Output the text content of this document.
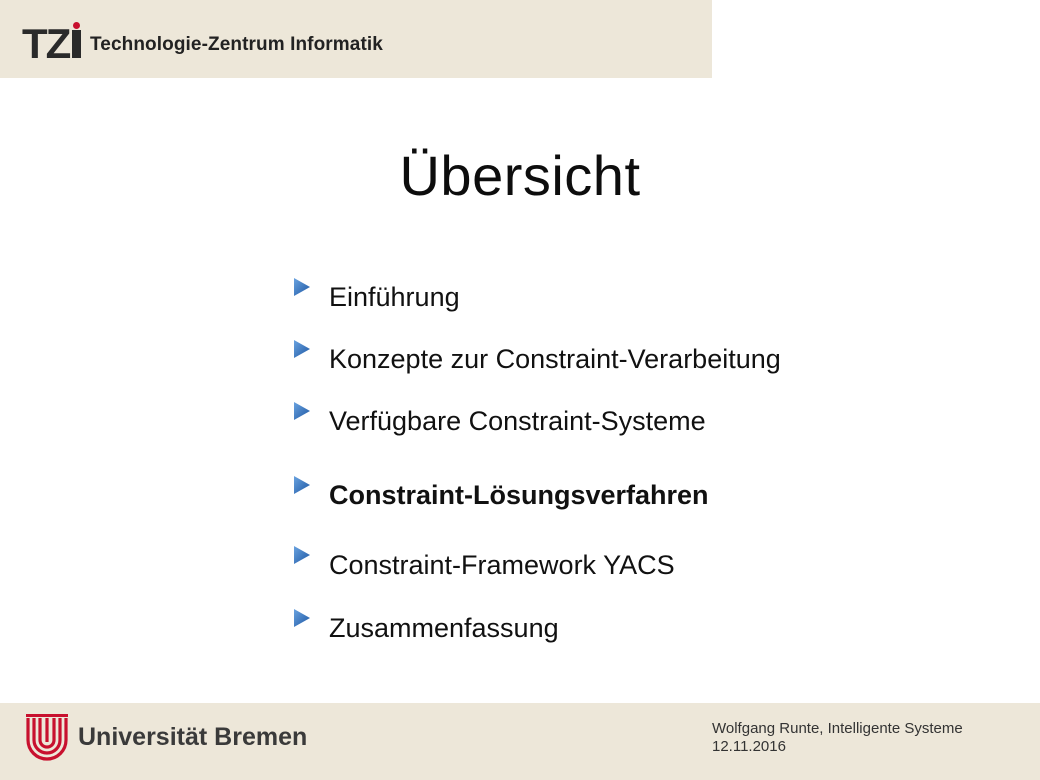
TZ Technologie-Zentrum Informatik
Übersicht
Einführung
Konzepte zur Constraint-Verarbeitung
Verfügbare Constraint-Systeme
Constraint-Lösungsverfahren
Constraint-Framework YACS
Zusammenfassung
Universität Bremen	Wolfgang Runte, Intelligente Systeme
12.11.2016
